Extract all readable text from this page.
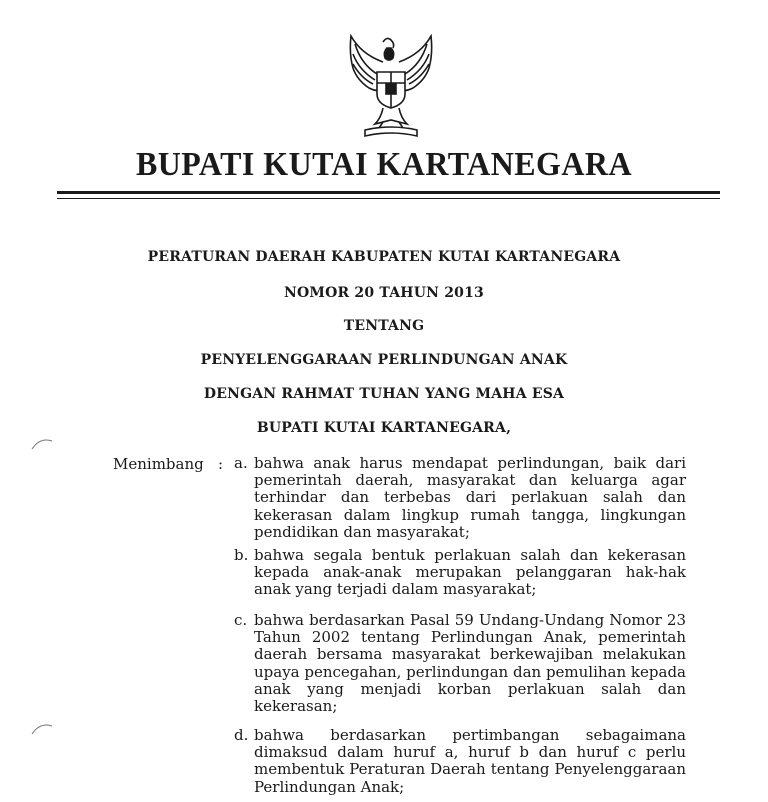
BUPATI KUTAI KARTANEGARA
PERATURAN DAERAH KABUPATEN KUTAI KARTANEGARA
NOMOR 20 TAHUN 2013
TENTANG
PENYELENGGARAAN PERLINDUNGAN ANAK
DENGAN RAHMAT TUHAN YANG MAHA ESA
BUPATI KUTAI KARTANEGARA,
Menimbang : a. bahwa anak harus mendapat perlindungan, baik dari pemerintah daerah, masyarakat dan keluarga agar terhindar dan terbebas dari perlakuan salah dan kekerasan dalam lingkup rumah tangga, lingkungan pendidikan dan masyarakat;
b. bahwa segala bentuk perlakuan salah dan kekerasan kepada anak-anak merupakan pelanggaran hak-hak anak yang terjadi dalam masyarakat;
c. bahwa berdasarkan Pasal 59 Undang-Undang Nomor 23 Tahun 2002 tentang Perlindungan Anak, pemerintah daerah bersama masyarakat berkewajiban melakukan upaya pencegahan, perlindungan dan pemulihan kepada anak yang menjadi korban perlakuan salah dan kekerasan;
d. bahwa berdasarkan pertimbangan sebagaimana dimaksud dalam huruf a, huruf b dan huruf c perlu membentuk Peraturan Daerah tentang Penyelenggaraan Perlindungan Anak;
